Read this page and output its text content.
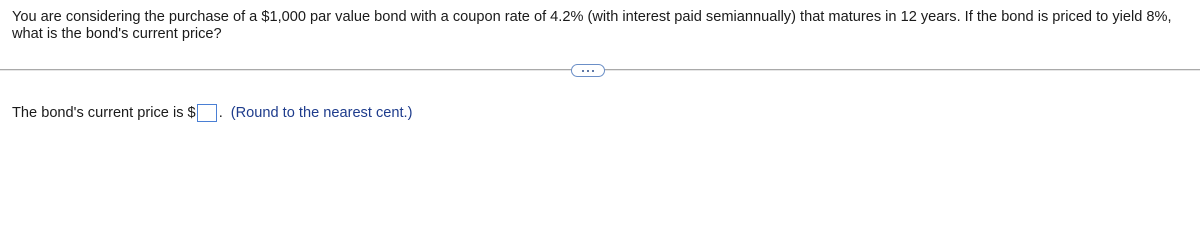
You are considering the purchase of a $1,000 par value bond with a coupon rate of 4.2% (with interest paid semiannually) that matures in 12 years. If the bond is priced to yield 8%, what is the bond's current price?

The bond's current price is $ . (Round to the nearest cent.)
